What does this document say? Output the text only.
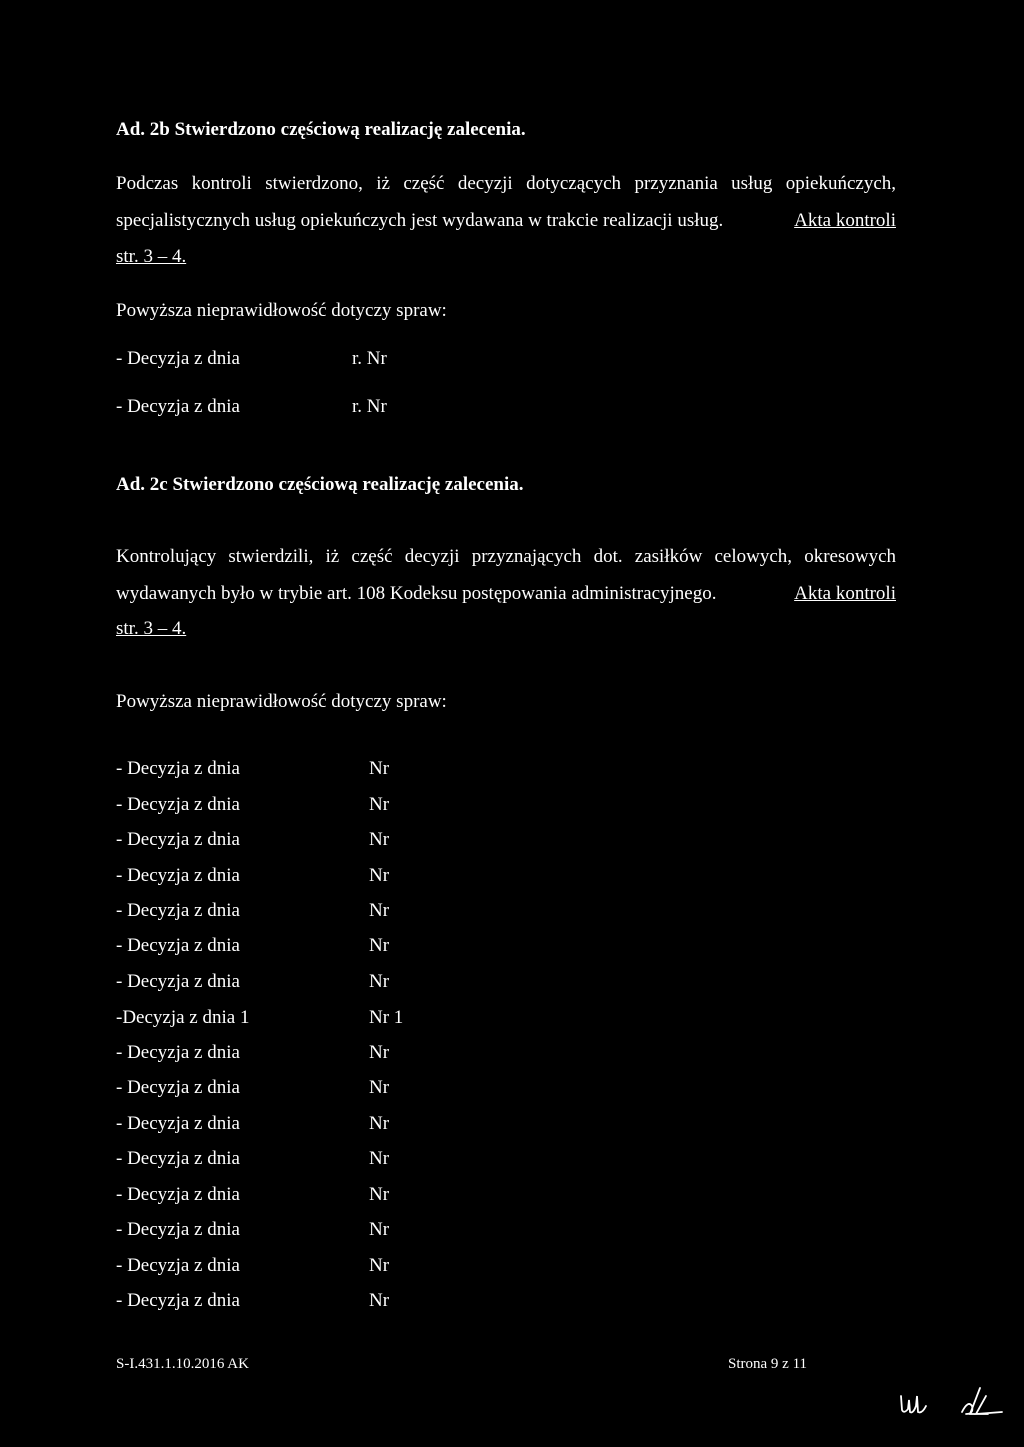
Ad. 2b Stwierdzono częściową realizację zalecenia.
Podczas kontroli stwierdzono, iż część decyzji dotyczących przyznania usług opiekuńczych,
specjalistycznych usług opiekuńczych jest wydawana w trakcie realizacji usług.	Akta kontroli
str. 3 – 4.
Powyższa nieprawidłowość dotyczy spraw:
- Decyzja z dnia	r. Nr
- Decyzja z dnia	r. Nr
Ad. 2c Stwierdzono częściową realizację zalecenia.
Kontrolujący stwierdzili, iż część decyzji przyznających dot. zasiłków celowych, okresowych
wydawanych było w trybie art. 108 Kodeksu postępowania administracyjnego.	Akta kontroli
str. 3 – 4.
Powyższa nieprawidłowość dotyczy spraw:
- Decyzja z dnia	Nr
- Decyzja z dnia	Nr
- Decyzja z dnia	Nr
- Decyzja z dnia	Nr
- Decyzja z dnia	Nr
- Decyzja z dnia	Nr
- Decyzja z dnia	Nr
-Decyzja z dnia 1	Nr 1
- Decyzja z dnia	Nr
- Decyzja z dnia	Nr
- Decyzja z dnia	Nr
- Decyzja z dnia	Nr
- Decyzja z dnia	Nr
- Decyzja z dnia	Nr
- Decyzja z dnia	Nr
- Decyzja z dnia	Nr
S-I.431.1.10.2016 AK	Strona 9 z 11
